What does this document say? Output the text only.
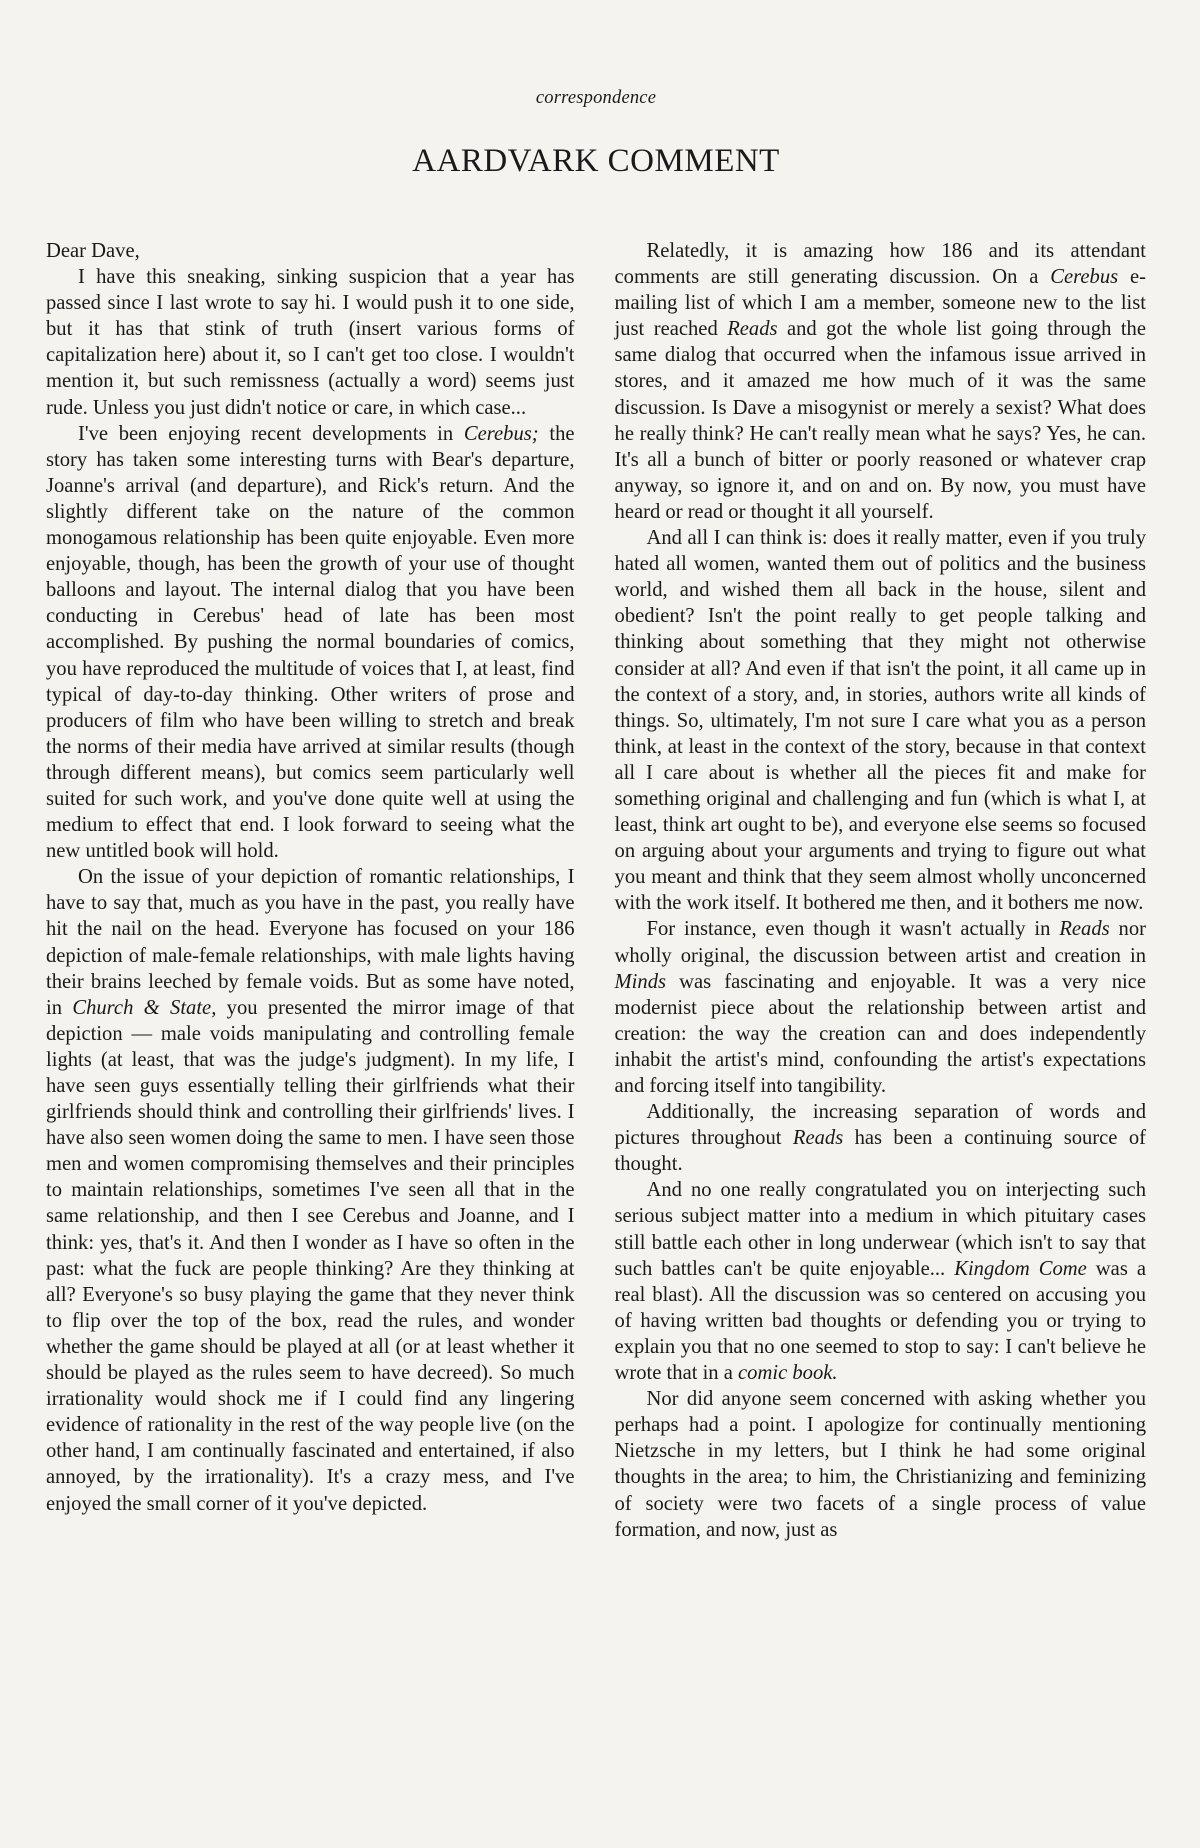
correspondence
AARDVARK COMMENT

Dear Dave,

I have this sneaking, sinking suspicion that a year has passed since I last wrote to say hi. I would push it to one side, but it has that stink of truth (insert various forms of capitalization here) about it, so I can't get too close. I wouldn't mention it, but such remissness (actually a word) seems just rude. Unless you just didn't notice or care, in which case...

I've been enjoying recent developments in Cerebus; the story has taken some interesting turns with Bear's departure, Joanne's arrival (and departure), and Rick's return. And the slightly different take on the nature of the common monogamous relationship has been quite enjoyable. Even more enjoyable, though, has been the growth of your use of thought balloons and layout. The internal dialog that you have been conducting in Cerebus' head of late has been most accomplished. By pushing the normal boundaries of comics, you have reproduced the multitude of voices that I, at least, find typical of day-to-day thinking. Other writers of prose and producers of film who have been willing to stretch and break the norms of their media have arrived at similar results (though through different means), but comics seem particularly well suited for such work, and you've done quite well at using the medium to effect that end. I look forward to seeing what the new untitled book will hold.

On the issue of your depiction of romantic relationships, I have to say that, much as you have in the past, you really have hit the nail on the head. Everyone has focused on your 186 depiction of male-female relationships, with male lights having their brains leeched by female voids. But as some have noted, in Church & State, you presented the mirror image of that depiction — male voids manipulating and controlling female lights (at least, that was the judge's judgment). In my life, I have seen guys essentially telling their girlfriends what their girlfriends should think and controlling their girlfriends' lives. I have also seen women doing the same to men. I have seen those men and women compromising themselves and their principles to maintain relationships, sometimes I've seen all that in the same relationship, and then I see Cerebus and Joanne, and I think: yes, that's it. And then I wonder as I have so often in the past: what the fuck are people thinking? Are they thinking at all? Everyone's so busy playing the game that they never think to flip over the top of the box, read the rules, and wonder whether the game should be played at all (or at least whether it should be played as the rules seem to have decreed). So much irrationality would shock me if I could find any lingering evidence of rationality in the rest of the way people live (on the other hand, I am continually fascinated and entertained, if also annoyed, by the irrationality). It's a crazy mess, and I've enjoyed the small corner of it you've depicted.

Relatedly, it is amazing how 186 and its attendant comments are still generating discussion. On a Cerebus e-mailing list of which I am a member, someone new to the list just reached Reads and got the whole list going through the same dialog that occurred when the infamous issue arrived in stores, and it amazed me how much of it was the same discussion. Is Dave a misogynist or merely a sexist? What does he really think? He can't really mean what he says? Yes, he can. It's all a bunch of bitter or poorly reasoned or whatever crap anyway, so ignore it, and on and on. By now, you must have heard or read or thought it all yourself.

And all I can think is: does it really matter, even if you truly hated all women, wanted them out of politics and the business world, and wished them all back in the house, silent and obedient? Isn't the point really to get people talking and thinking about something that they might not otherwise consider at all? And even if that isn't the point, it all came up in the context of a story, and, in stories, authors write all kinds of things. So, ultimately, I'm not sure I care what you as a person think, at least in the context of the story, because in that context all I care about is whether all the pieces fit and make for something original and challenging and fun (which is what I, at least, think art ought to be), and everyone else seems so focused on arguing about your arguments and trying to figure out what you meant and think that they seem almost wholly unconcerned with the work itself. It bothered me then, and it bothers me now.

For instance, even though it wasn't actually in Reads nor wholly original, the discussion between artist and creation in Minds was fascinating and enjoyable. It was a very nice modernist piece about the relationship between artist and creation: the way the creation can and does independently inhabit the artist's mind, confounding the artist's expectations and forcing itself into tangibility.

Additionally, the increasing separation of words and pictures throughout Reads has been a continuing source of thought.

And no one really congratulated you on interjecting such serious subject matter into a medium in which pituitary cases still battle each other in long underwear (which isn't to say that such battles can't be quite enjoyable... Kingdom Come was a real blast). All the discussion was so centered on accusing you of having written bad thoughts or defending you or trying to explain you that no one seemed to stop to say: I can't believe he wrote that in a comic book.

Nor did anyone seem concerned with asking whether you perhaps had a point. I apologize for continually mentioning Nietzsche in my letters, but I think he had some original thoughts in the area; to him, the Christianizing and feminizing of society were two facets of a single process of value formation, and now, just as
